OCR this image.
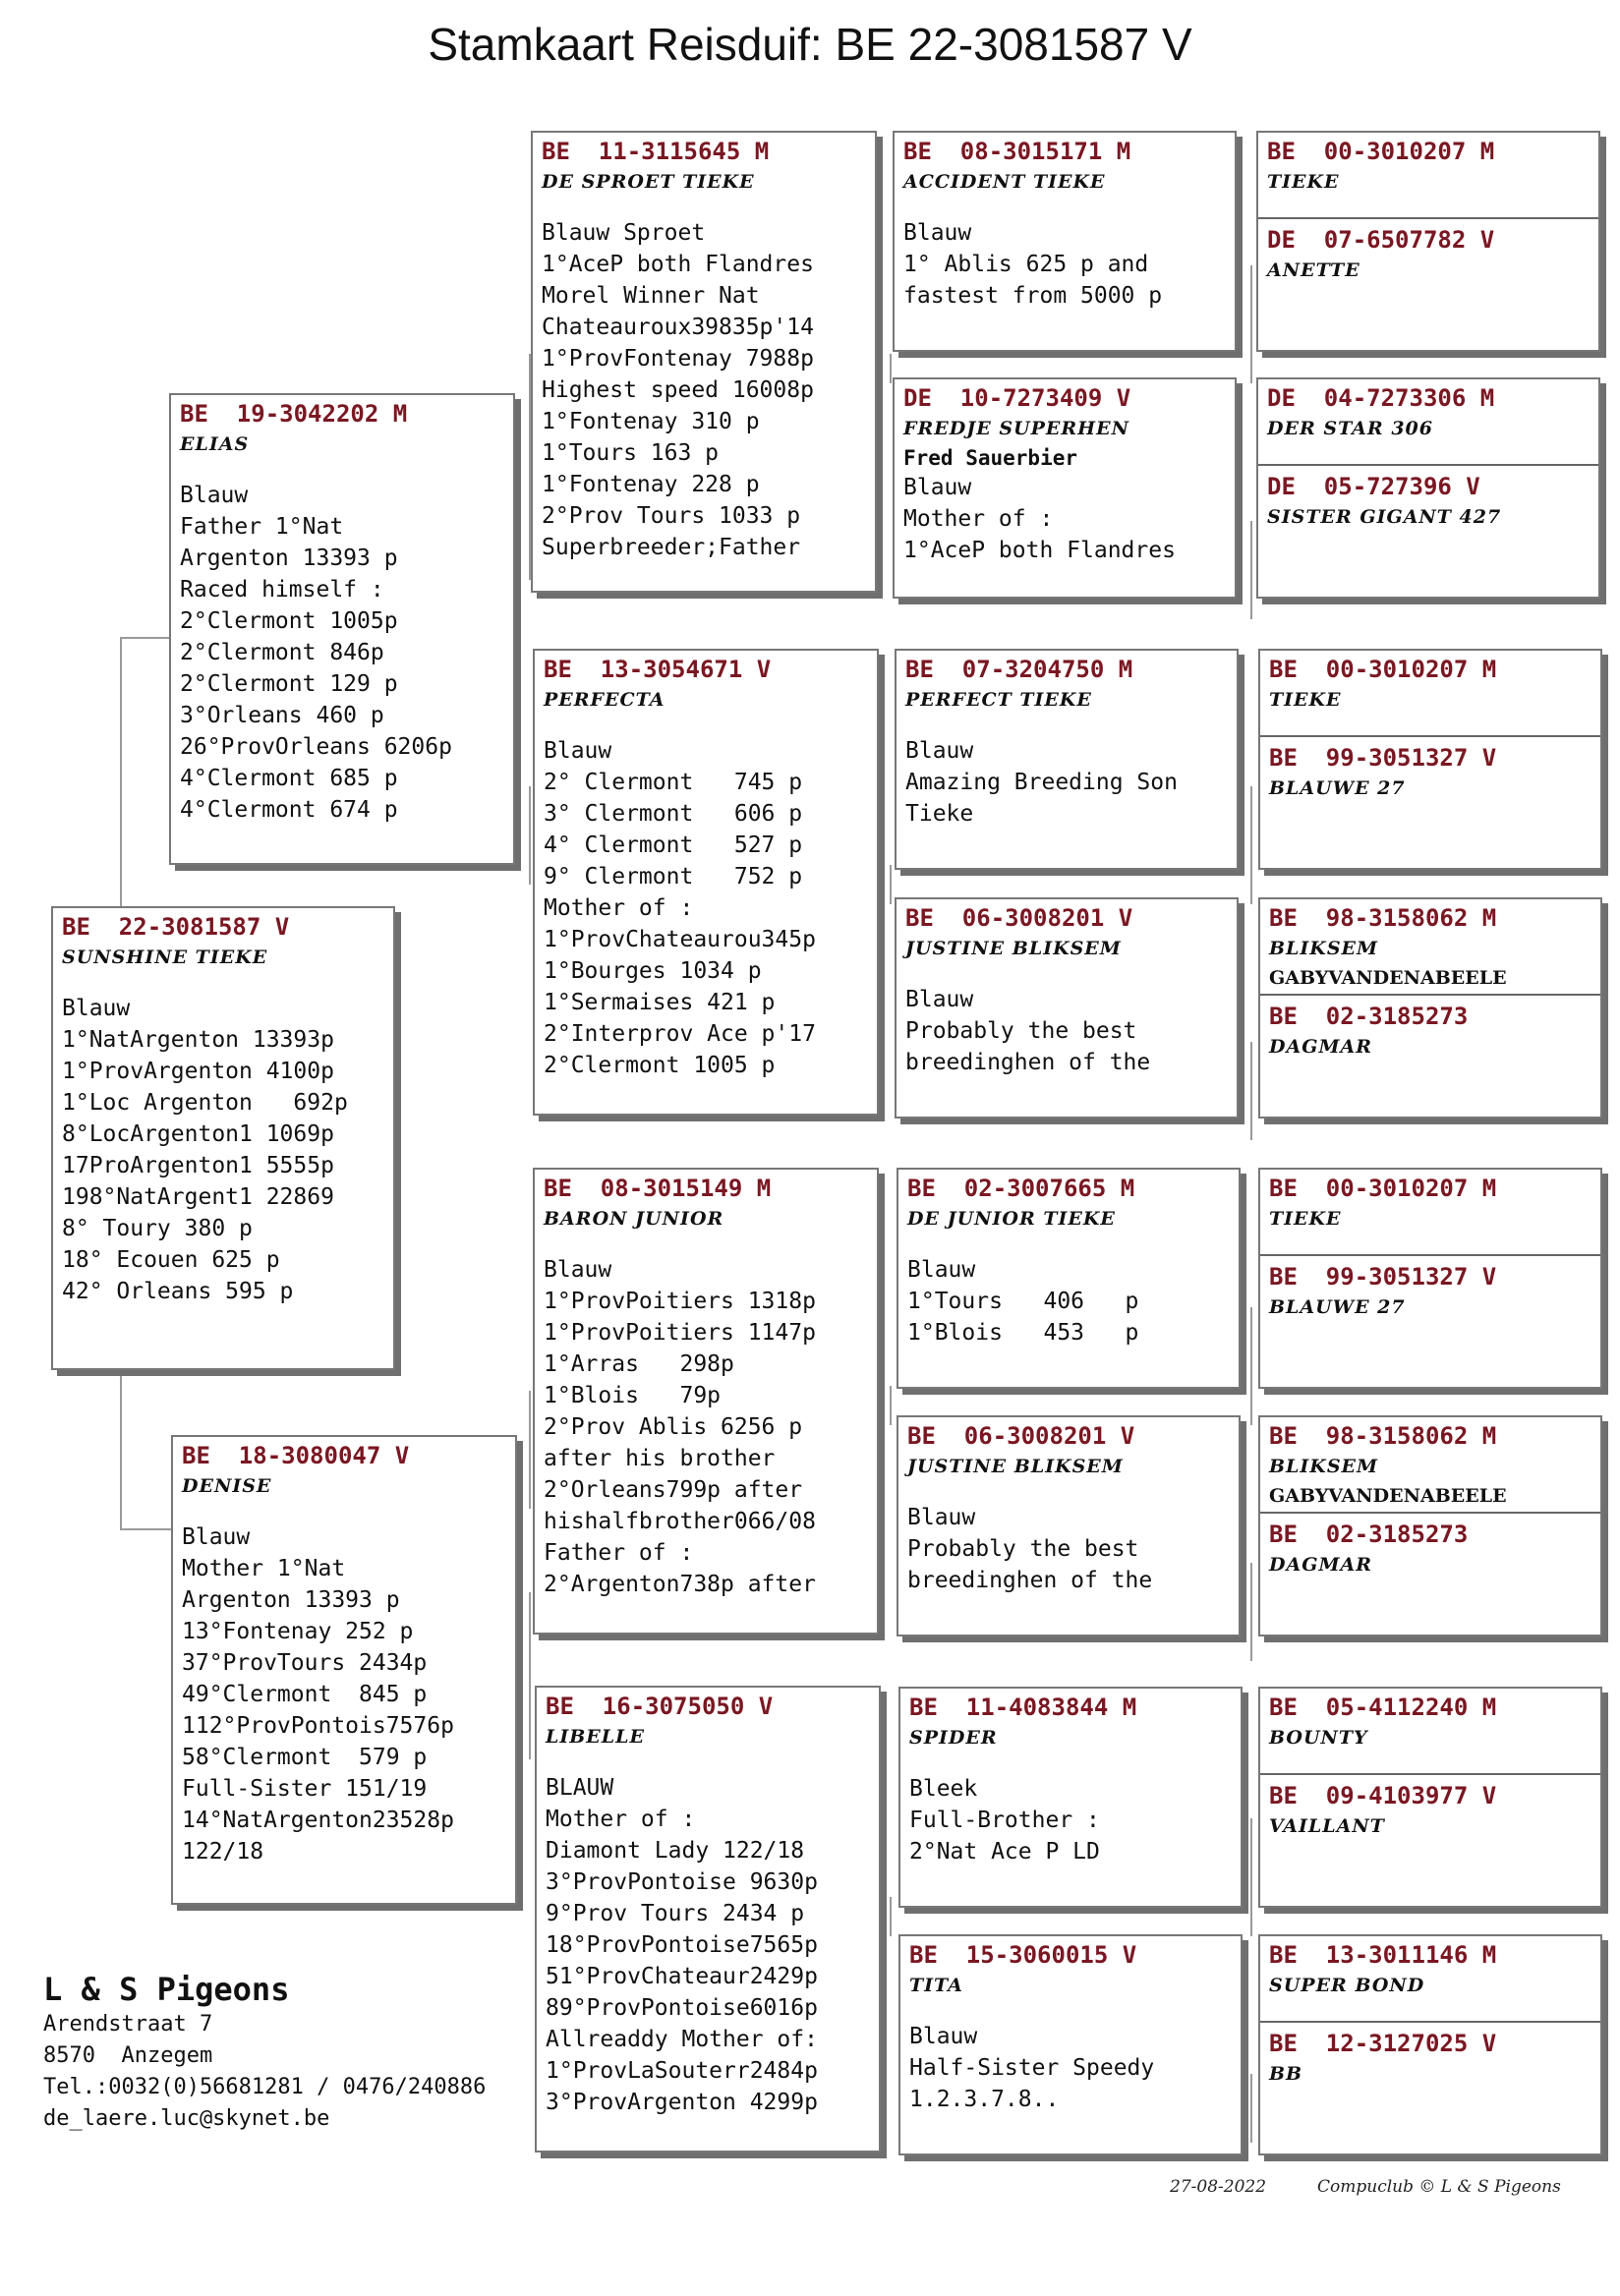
Stamkaart Reisduif: BE 22-3081587 V
BE  22-3081587 V
SUNSHINE TIEKE
Blauw
1°NatArgenton 13393p
1°ProvArgenton 4100p
1°Loc Argenton   692p
8°LocArgenton1 1069p
17ProArgenton1 5555p
198°NatArgent1 22869
8° Toury 380 p
18° Ecouen 625 p
42° Orleans 595 p
BE  19-3042202 M
ELIAS
Blauw
Father 1°Nat
Argenton 13393 p
Raced himself :
2°Clermont 1005p
2°Clermont 846p
2°Clermont 129 p
3°Orleans 460 p
26°ProvOrleans 6206p
4°Clermont 685 p
4°Clermont 674 p
BE  18-3080047 V
DENISE
Blauw
Mother 1°Nat
Argenton 13393 p
13°Fontenay 252 p
37°ProvTours 2434p
49°Clermont  845 p
112°ProvPontois7576p
58°Clermont  579 p
Full-Sister 151/19
14°NatArgenton23528p
122/18
BE  11-3115645 M
DE SPROET TIEKE
Blauw Sproet
1°AceP both Flandres
Morel Winner Nat
Chateauroux39835p'14
1°ProvFontenay 7988p
Highest speed 16008p
1°Fontenay 310 p
1°Tours 163 p
1°Fontenay 228 p
2°Prov Tours 1033 p
Superbreeder;Father
BE  13-3054671 V
PERFECTA
Blauw
2° Clermont   745 p
3° Clermont   606 p
4° Clermont   527 p
9° Clermont   752 p
Mother of :
1°ProvChateaurou345p
1°Bourges 1034 p
1°Sermaises 421 p
2°Interprov Ace p'17
2°Clermont 1005 p
BE  08-3015149 M
BARON JUNIOR
Blauw
1°ProvPoitiers 1318p
1°ProvPoitiers 1147p
1°Arras   298p
1°Blois   79p
2°Prov Ablis 6256 p
after his brother
2°Orleans799p after
hishalfbrother066/08
Father of :
2°Argenton738p after
BE  16-3075050 V
LIBELLE
BLAUW
Mother of :
Diamont Lady 122/18
3°ProvPontoise 9630p
9°Prov Tours 2434 p
18°ProvPontoise7565p
51°ProvChateaur2429p
89°ProvPontoise6016p
Allreaddy Mother of:
1°ProvLaSouterr2484p
3°ProvArgenton 4299p
BE  08-3015171 M
ACCIDENT TIEKE
Blauw
1° Ablis 625 p and
fastest from 5000 p
DE  10-7273409 V
FREDJE SUPERHEN
Fred Sauerbier
Blauw
Mother of :
1°AceP both Flandres
BE  07-3204750 M
PERFECT TIEKE
Blauw
Amazing Breeding Son
Tieke
BE  06-3008201 V
JUSTINE BLIKSEM
Blauw
Probably the best
breedinghen of the
BE  02-3007665 M
DE JUNIOR TIEKE
Blauw
1°Tours   406   p
1°Blois   453   p
BE  06-3008201 V
JUSTINE BLIKSEM
Blauw
Probably the best
breedinghen of the
BE  11-4083844 M
SPIDER
Bleek
Full-Brother :
2°Nat Ace P LD
BE  15-3060015 V
TITA
Blauw
Half-Sister Speedy
1.2.3.7.8..
BE  00-3010207 M
TIEKE
DE  07-6507782 V
ANETTE
DE  04-7273306 M
DER STAR 306
DE  05-727396 V
SISTER GIGANT 427
BE  00-3010207 M
TIEKE
BE  99-3051327 V
BLAUWE 27
BE  98-3158062 M
BLIKSEM
GABYVANDENABEELE
BE  02-3185273
DAGMAR
BE  00-3010207 M
TIEKE
BE  99-3051327 V
BLAUWE 27
BE  98-3158062 M
BLIKSEM
GABYVANDENABEELE
BE  02-3185273
DAGMAR
BE  05-4112240 M
BOUNTY
BE  09-4103977 V
VAILLANT
BE  13-3011146 M
SUPER BOND
BE  12-3127025 V
BB
L & S Pigeons
Arendstraat 7
8570  Anzegem
Tel.:0032(0)56681281 / 0476/240886
de_laere.luc@skynet.be
27-08-2022	Compuclub © L & S Pigeons
